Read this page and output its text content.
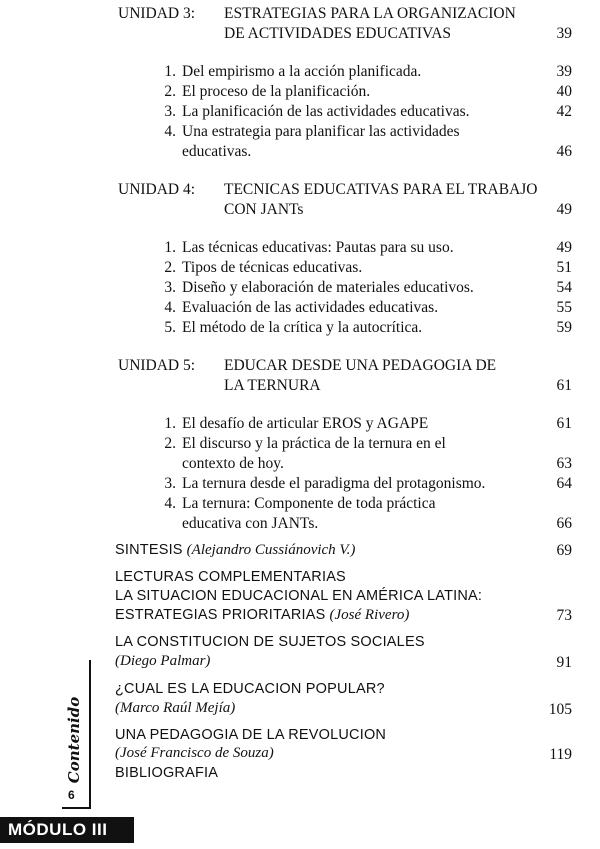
UNIDAD 3: ESTRATEGIAS PARA LA ORGANIZACION
DE ACTIVIDADES EDUCATIVAS	39
1. Del empirismo a la acción planificada.	39
2. El proceso de la planificación.	40
3. La planificación de las actividades educativas.	42
4. Una estrategia para planificar las actividades
educativas.	46
UNIDAD 4: TECNICAS EDUCATIVAS PARA EL TRABAJO
CON JANTs	49
1. Las técnicas educativas: Pautas para su uso.	49
2. Tipos de técnicas educativas.	51
3. Diseño y elaboración de materiales educativos.	54
4. Evaluación de las actividades educativas.	55
5. El método de la crítica y la autocrítica.	59
UNIDAD 5: EDUCAR DESDE UNA PEDAGOGIA DE
LA TERNURA	61
1. El desafío de articular EROS y AGAPE	61
2. El discurso y la práctica de la ternura en el
contexto de hoy.	63
3. La ternura desde el paradigma del protagonismo.	64
4. La ternura: Componente de toda práctica
educativa con JANTs.	66
SINTESIS (Alejandro Cussiánovich V.)	69
LECTURAS COMPLEMENTARIAS
LA SITUACION EDUCACIONAL EN AMÉRICA LATINA:
ESTRATEGIAS PRIORITARIAS (José Rivero)	73
LA CONSTITUCION DE SUJETOS SOCIALES
(Diego Palmar)	91
¿CUAL ES LA EDUCACION POPULAR?
(Marco Raúl Mejía)	105
UNA PEDAGOGIA DE LA REVOLUCION
(José Francisco de Souza)	119
BIBLIOGRAFIA
Contenido
6
MÓDULO III
